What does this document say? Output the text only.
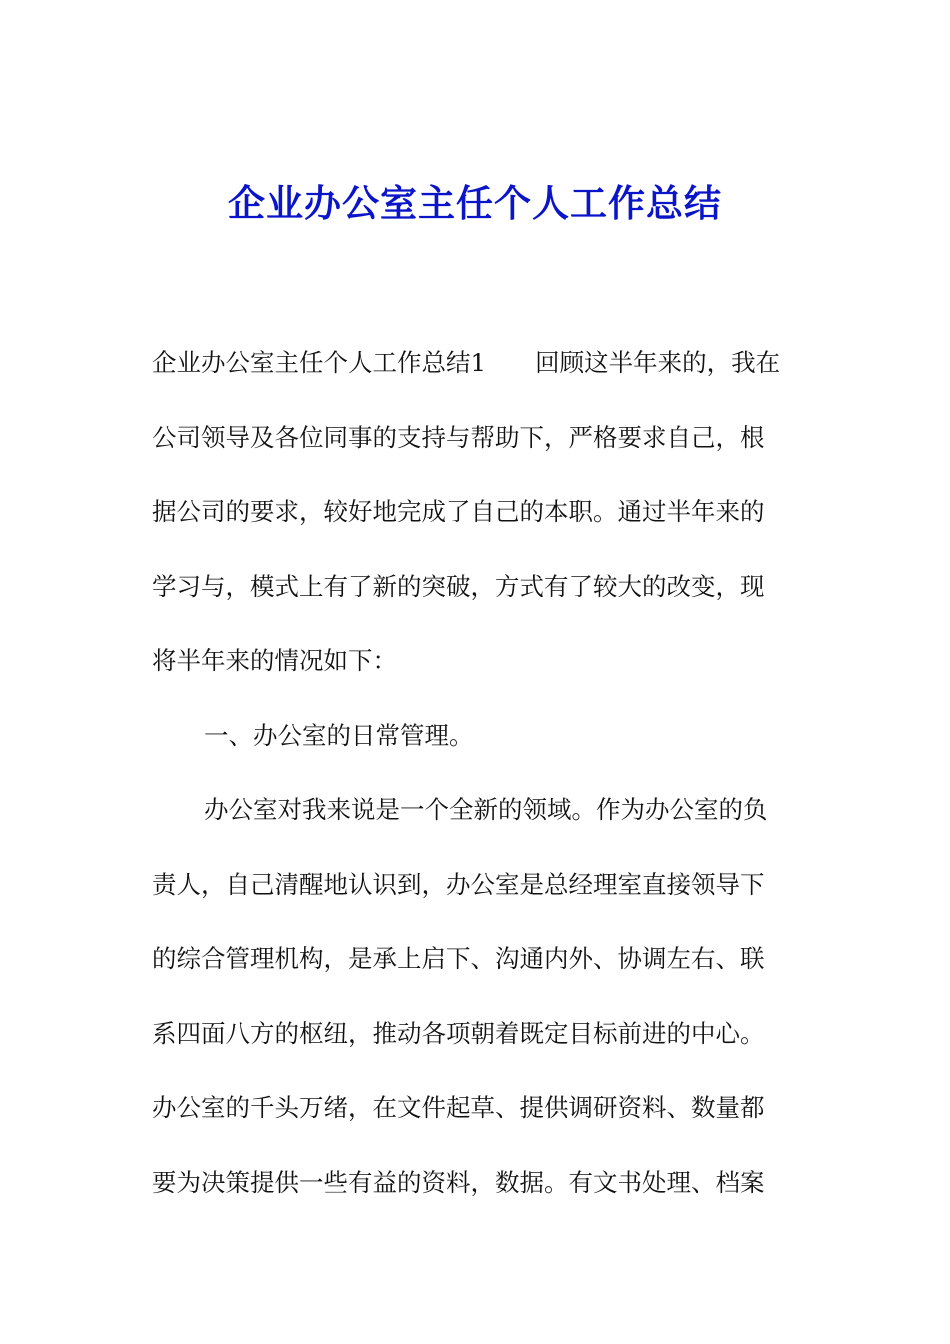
企业办公室主任个人工作总结
企业办公室主任个人工作总结1　　回顾这半年来的，我在
公司领导及各位同事的支持与帮助下，严格要求自己，根
据公司的要求，较好地完成了自己的本职。通过半年来的
学习与，模式上有了新的突破，方式有了较大的改变，现
将半年来的情况如下：
一、办公室的日常管理。
办公室对我来说是一个全新的领域。作为办公室的负
责人，自己清醒地认识到，办公室是总经理室直接领导下
的综合管理机构，是承上启下、沟通内外、协调左右、联
系四面八方的枢纽，推动各项朝着既定目标前进的中心。
办公室的千头万绪，在文件起草、提供调研资料、数量都
要为决策提供一些有益的资料，数据。有文书处理、档案
